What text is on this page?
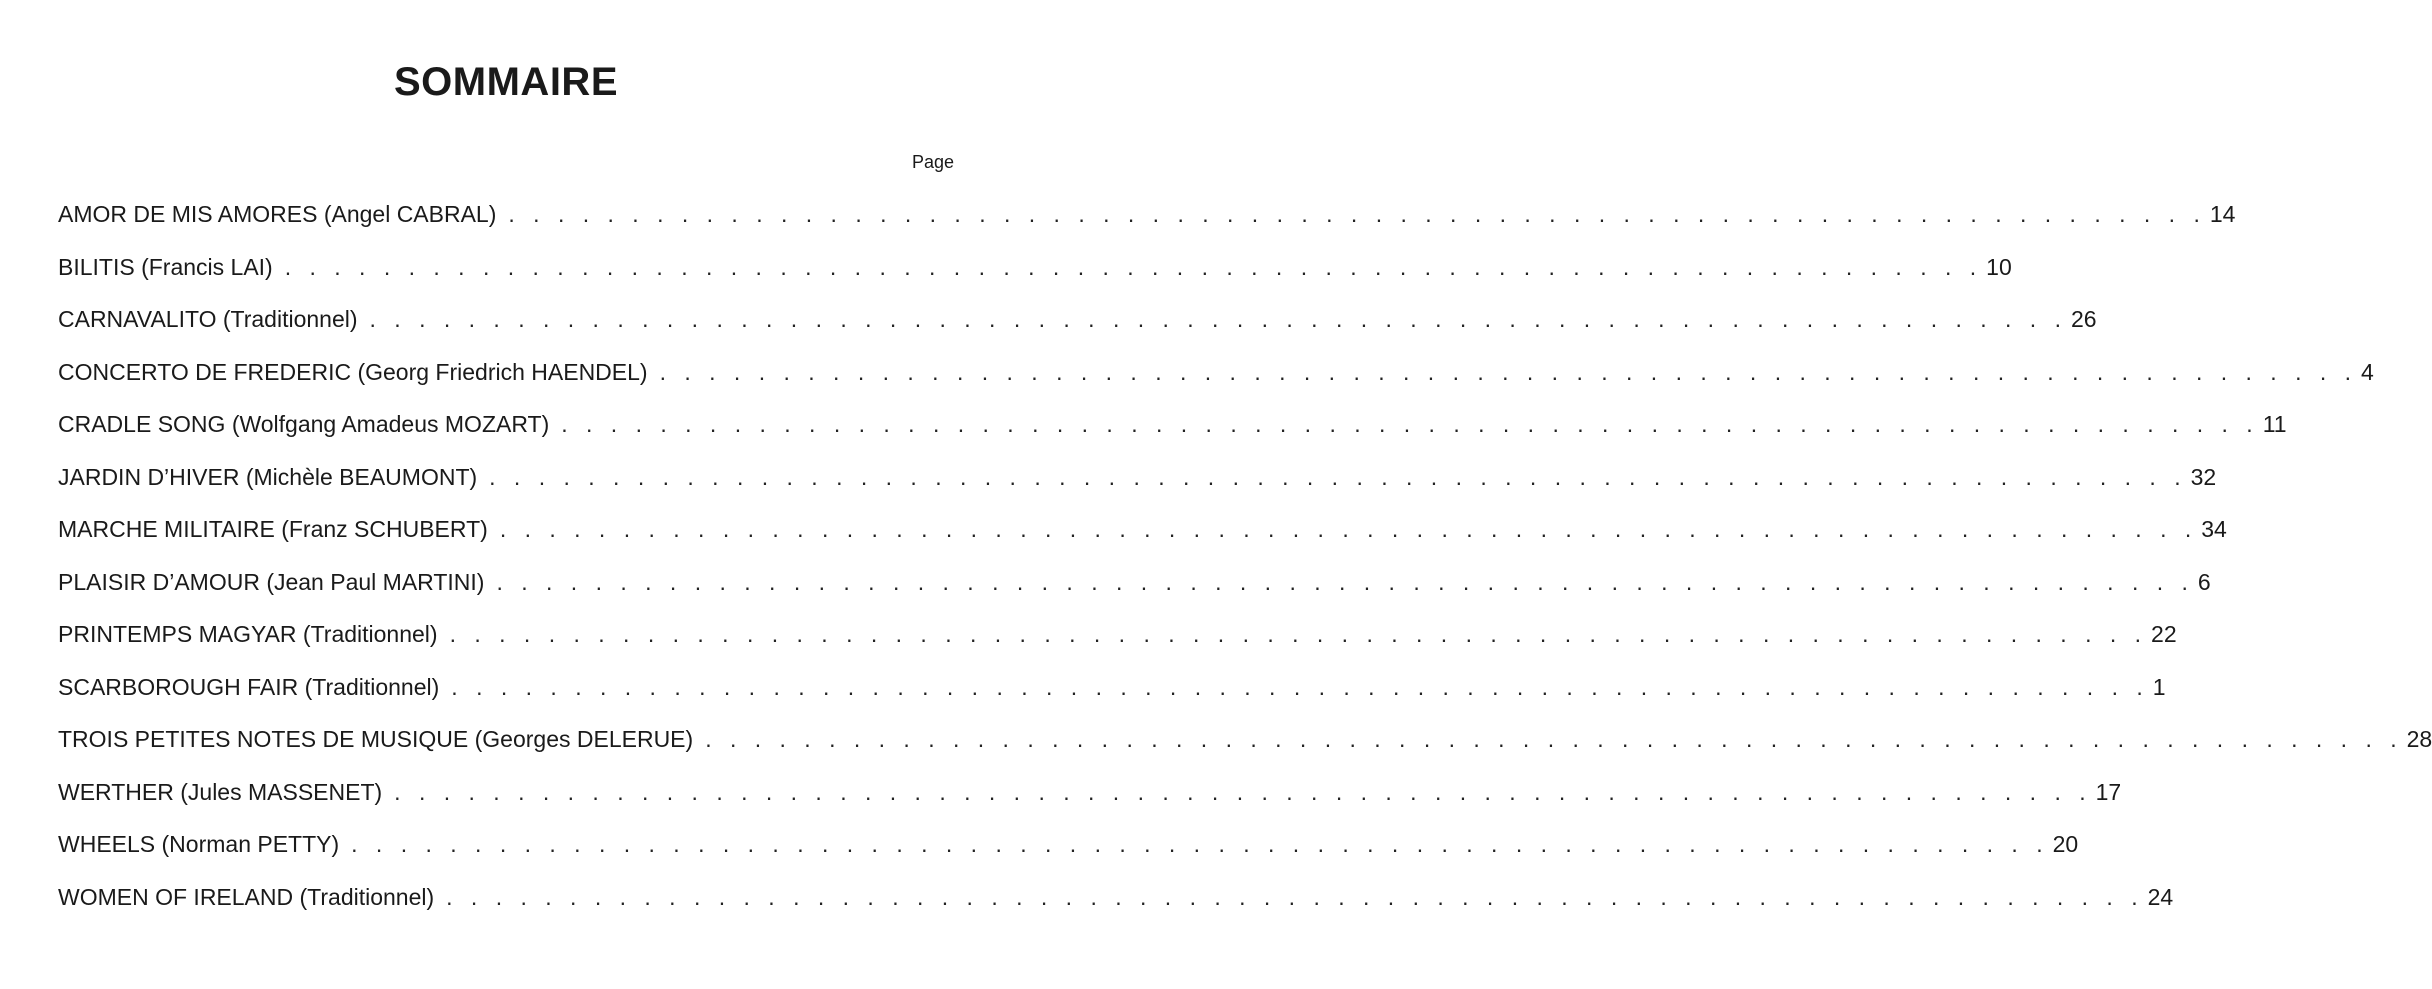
SOMMAIRE
Page
AMOR DE MIS AMORES (Angel CABRAL) . . . . . . . . . . . . . . . . . . . . . . . . . . . . . . . . . . . . . . . . . . . . . . . . . . . . . . . . . . . . . . . . . . . . . 14
BILITIS (Francis LAI) . . . . . . . . . . . . . . . . . . . . . . . . . . . . . . . . . . . . . . . . . . . . . . . . . . . . . . . . . . . . . . . . . . . . . 10
CARNAVALITO (Traditionnel) . . . . . . . . . . . . . . . . . . . . . . . . . . . . . . . . . . . . . . . . . . . . . . . . . . . . . . . . . . . . . . . . . . . . . 26
CONCERTO DE FREDERIC (Georg Friedrich HAENDEL) . . . . . . . . . . . . . . . . . . . . . . . . . . . . . . . . . . . . . . . . . . . . . . . . . . . . . . . . . . . . . . . . . . . . . 4
CRADLE SONG (Wolfgang Amadeus MOZART) . . . . . . . . . . . . . . . . . . . . . . . . . . . . . . . . . . . . . . . . . . . . . . . . . . . . . . . . . . . . . . . . . . . . . 11
JARDIN D’HIVER (Michèle BEAUMONT) . . . . . . . . . . . . . . . . . . . . . . . . . . . . . . . . . . . . . . . . . . . . . . . . . . . . . . . . . . . . . . . . . . . . . 32
MARCHE MILITAIRE (Franz SCHUBERT) . . . . . . . . . . . . . . . . . . . . . . . . . . . . . . . . . . . . . . . . . . . . . . . . . . . . . . . . . . . . . . . . . . . . . 34
PLAISIR D’AMOUR (Jean Paul MARTINI) . . . . . . . . . . . . . . . . . . . . . . . . . . . . . . . . . . . . . . . . . . . . . . . . . . . . . . . . . . . . . . . . . . . . . 6
PRINTEMPS MAGYAR (Traditionnel) . . . . . . . . . . . . . . . . . . . . . . . . . . . . . . . . . . . . . . . . . . . . . . . . . . . . . . . . . . . . . . . . . . . . . 22
SCARBOROUGH FAIR (Traditionnel) . . . . . . . . . . . . . . . . . . . . . . . . . . . . . . . . . . . . . . . . . . . . . . . . . . . . . . . . . . . . . . . . . . . . . 1
TROIS PETITES NOTES DE MUSIQUE (Georges DELERUE) . . . . . . . . . . . . . . . . . . . . . . . . . . . . . . . . . . . . . . . . . . . . . . . . . . . . . . . . . . . . . . . . . . . . . 28
WERTHER (Jules MASSENET) . . . . . . . . . . . . . . . . . . . . . . . . . . . . . . . . . . . . . . . . . . . . . . . . . . . . . . . . . . . . . . . . . . . . . 17
WHEELS (Norman PETTY) . . . . . . . . . . . . . . . . . . . . . . . . . . . . . . . . . . . . . . . . . . . . . . . . . . . . . . . . . . . . . . . . . . . . . 20
WOMEN OF IRELAND (Traditionnel) . . . . . . . . . . . . . . . . . . . . . . . . . . . . . . . . . . . . . . . . . . . . . . . . . . . . . . . . . . . . . . . . . . . . . 24
